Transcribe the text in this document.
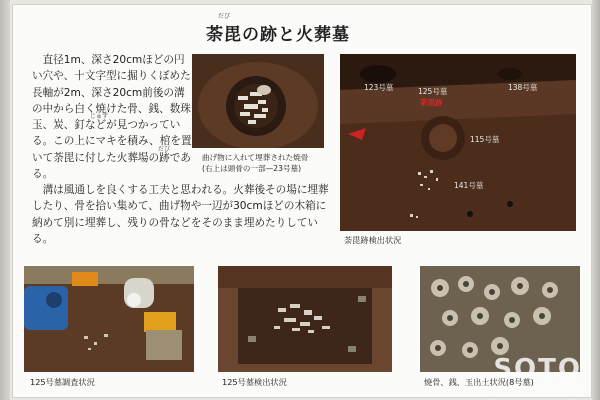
だび
荼毘の跡と火葬墓

　直径1m、深さ20cmほどの円い穴や、十文字型に掘りくぼめた長軸が2m、深さ20cm前後の溝の中から白く焼けた骨、銭、数珠玉、炭、釘などが見つかっている。この上にマキを積み、棺を置いて荼毘に付した火葬場の跡である。

じゅず
だび

　溝は風通しを良くする工夫と思われる。火葬後その場に埋葬したり、骨を拾い集めて、曲げ物や一辺が30cmほどの木箱に納めて別に埋葬し、残りの骨などをそのまま埋めたりしている。

曲げ物に入れて埋葬された焼骨
(右上は頭骨の一部—23号墓)
123号墓	125号墓	138号墓
荼毘跡
115号墓
141号墓
荼毘跡検出状況
125号墓調査状況	125号墓検出状況	焼骨、銭、玉出土状況(8号墓)
SOTO
(http://soto.sakura.ne.jp/)
